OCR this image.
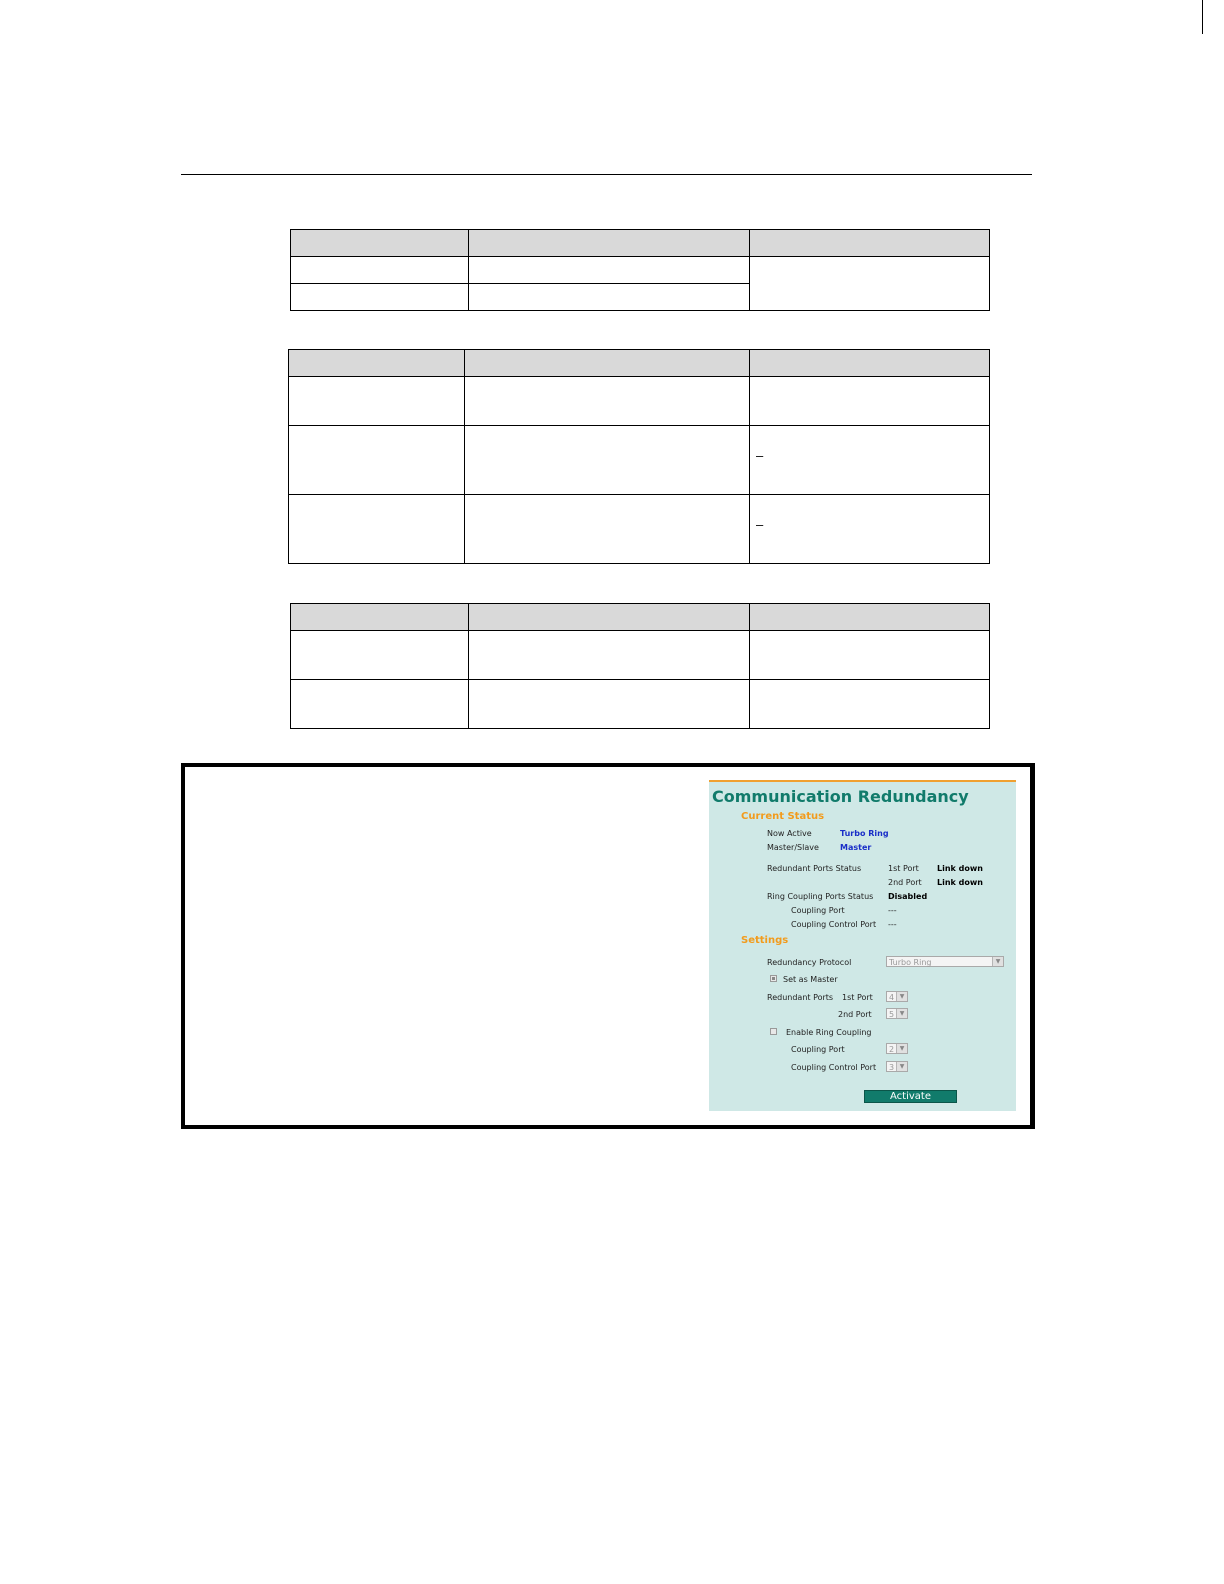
		–

		–

Communication Redundancy
Current Status
Now Active	Turbo Ring
Master/Slave	Master
Redundant Ports Status	1st Port Link down
2nd Port Link down
Ring Coupling Ports Status Disabled
Coupling Port	---
Coupling Control Port ---
Settings
Redundancy Protocol	Turbo Ring	▼
Set as Master
Redundant Ports 1st Port	4 ▼
2nd Port	5 ▼
Enable Ring Coupling
Coupling Port	2 ▼
Coupling Control Port	3 ▼
Activate
